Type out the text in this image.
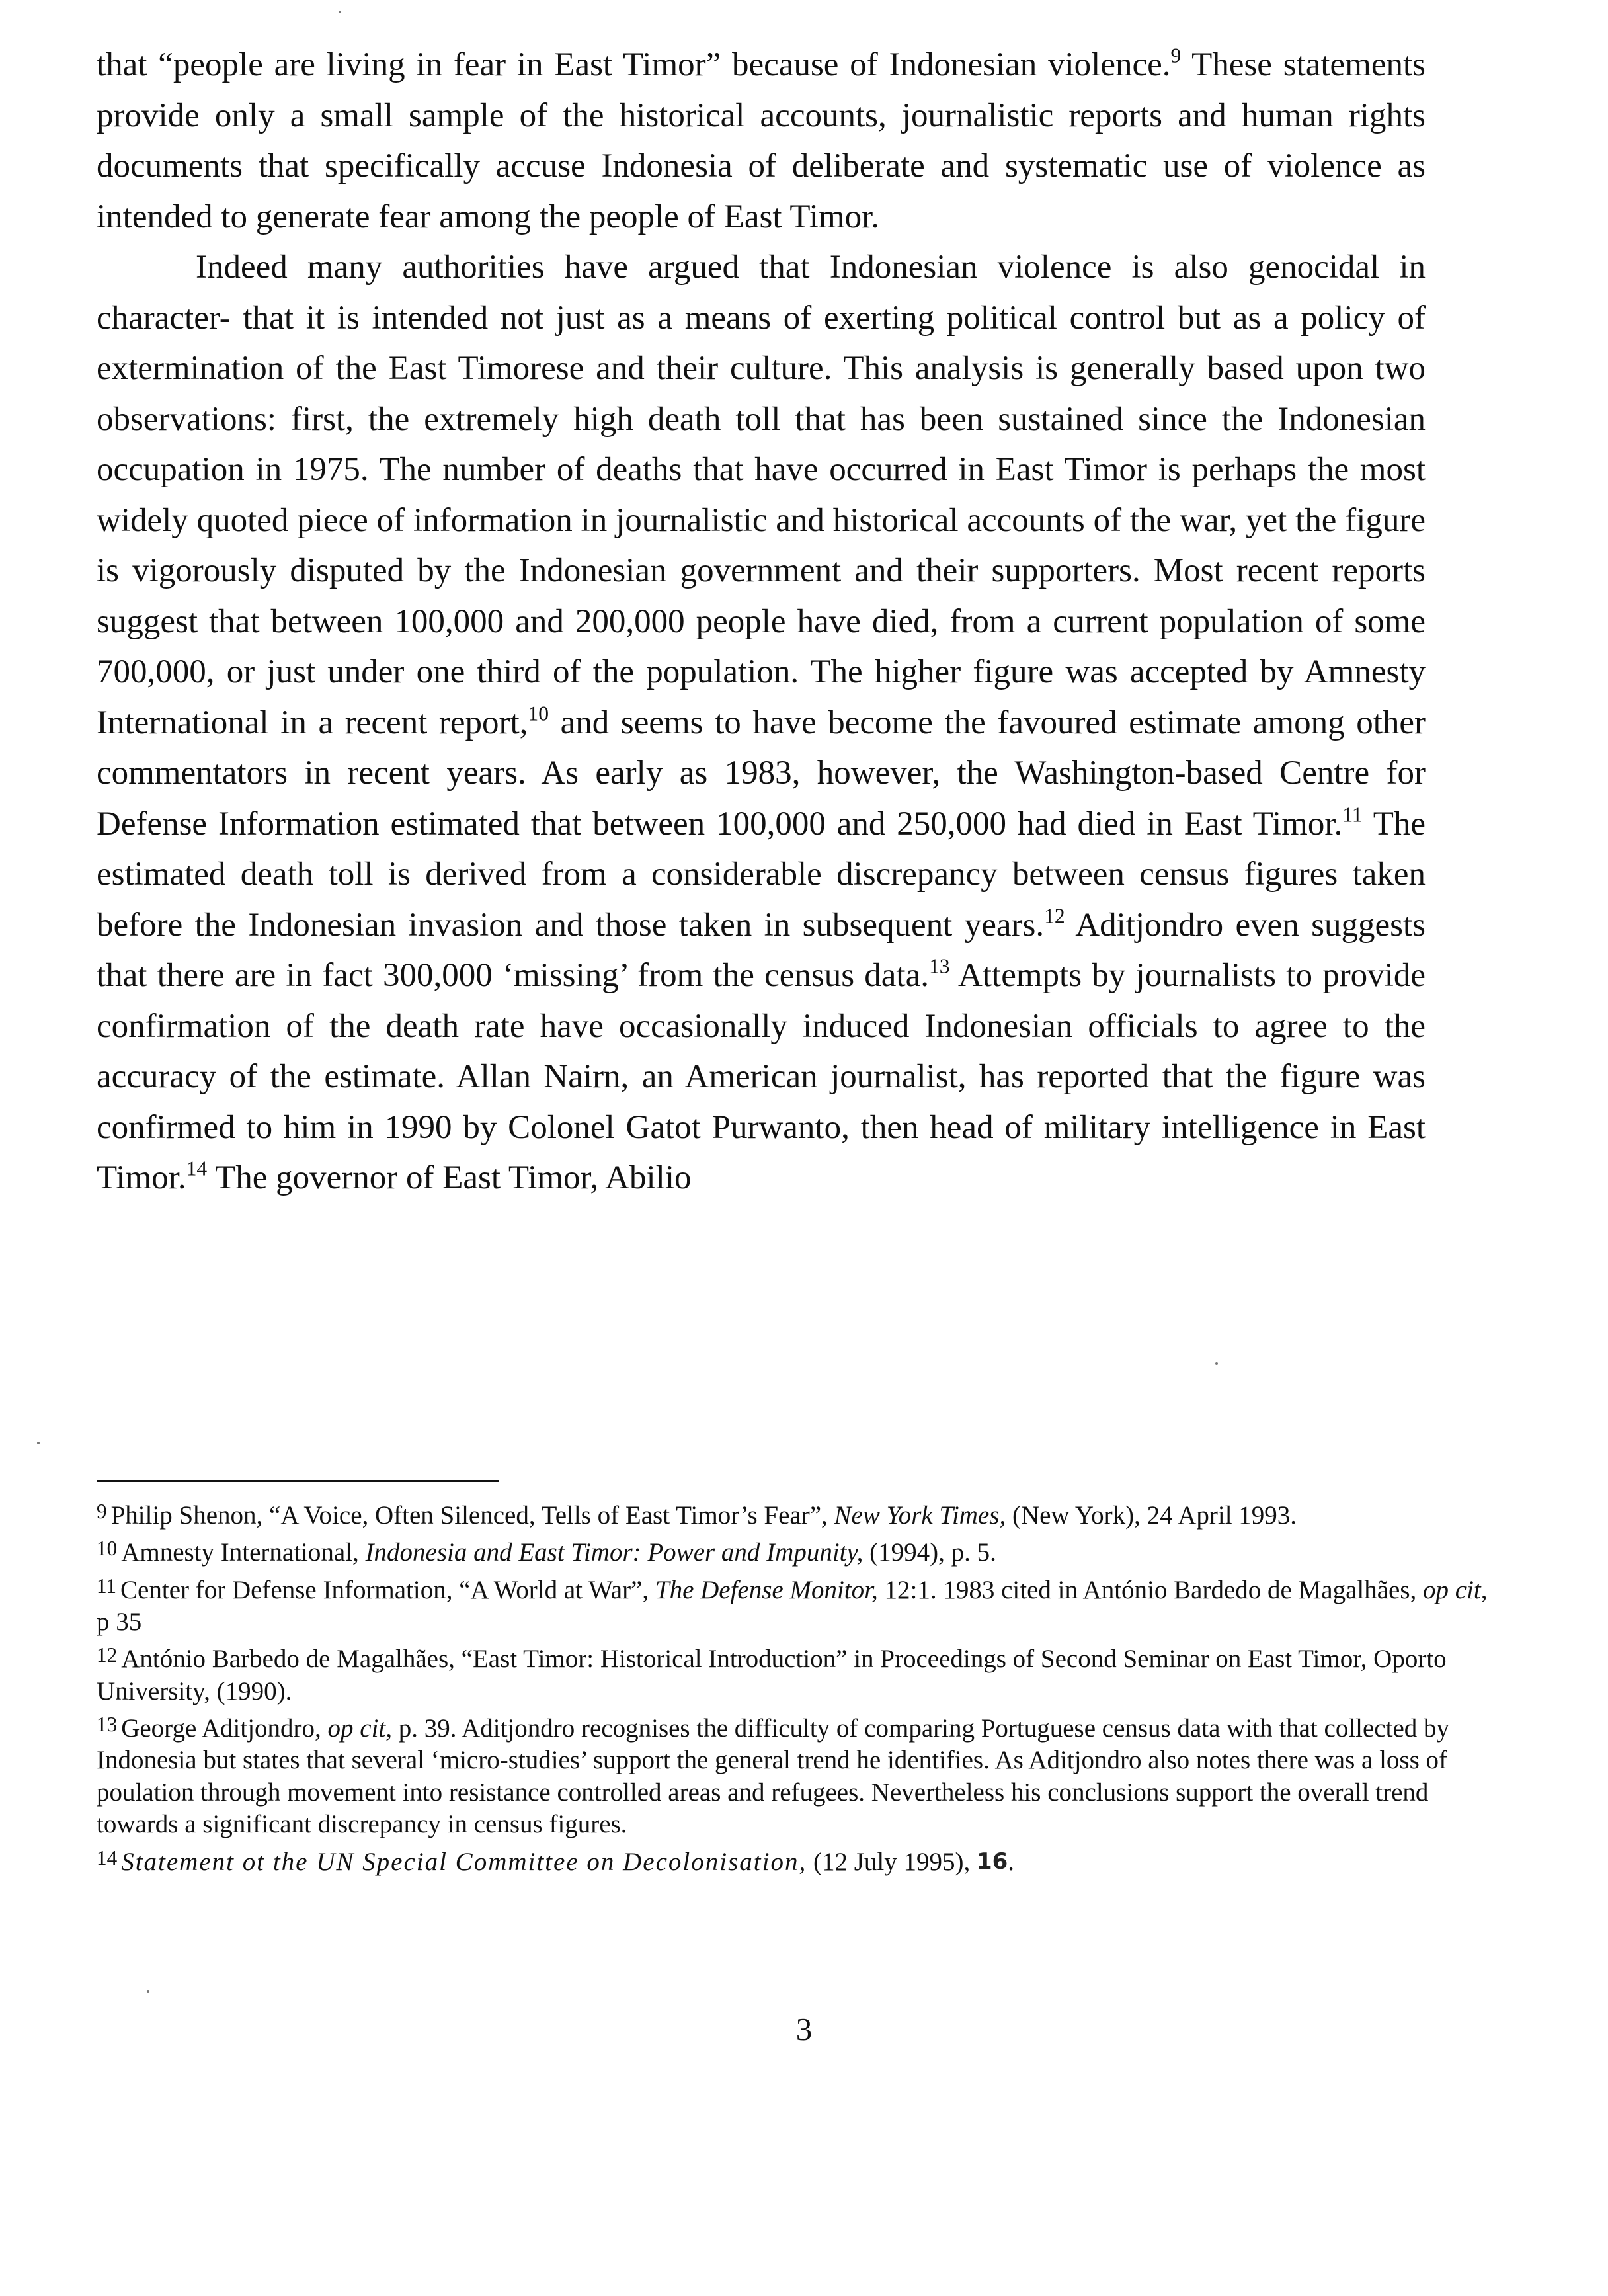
that “people are living in fear in East Timor” because of Indonesian violence.$^9$ These statements provide only a small sample of the historical accounts, journalistic reports and human rights documents that specifically accuse Indonesia of deliberate and systematic use of violence as intended to generate fear among the people of East Timor.

Indeed many authorities have argued that Indonesian violence is also genocidal in character- that it is intended not just as a means of exerting political control but as a policy of extermination of the East Timorese and their culture. This analysis is generally based upon two observations: first, the extremely high death toll that has been sustained since the Indonesian occupation in 1975. The number of deaths that have occurred in East Timor is perhaps the most widely quoted piece of information in journalistic and historical accounts of the war, yet the figure is vigorously disputed by the Indonesian government and their supporters. Most recent reports suggest that between 100,000 and 200,000 people have died, from a current population of some 700,000, or just under one third of the population. The higher figure was accepted by Amnesty International in a recent report,$^{10}$ and seems to have become the favoured estimate among other commentators in recent years. As early as 1983, however, the Washington-based Centre for Defense Information estimated that between 100,000 and 250,000 had died in East Timor.$^{11}$ The estimated death toll is derived from a considerable discrepancy between census figures taken before the Indonesian invasion and those taken in subsequent years.$^{12}$ Aditjondro even suggests that there are in fact 300,000 ‘missing’ from the census data.$^{13}$ Attempts by journalists to provide confirmation of the death rate have occasionally induced Indonesian officials to agree to the accuracy of the estimate. Allan Nairn, an American journalist, has reported that the figure was confirmed to him in 1990 by Colonel Gatot Purwanto, then head of military intelligence in East Timor.$^{14}$ The governor of East Timor, Abilio

9 Philip Shenon, “A Voice, Often Silenced, Tells of East Timor’s Fear”, New York Times, (New York), 24 April 1993.

10 Amnesty International, Indonesia and East Timor: Power and Impunity, (1994), p. 5.

11 Center for Defense Information, “A World at War”, The Defense Monitor, 12:1. 1983 cited in António Bardedo de Magalhães, op cit, p 35

12 António Barbedo de Magalhães, “East Timor: Historical Introduction” in Proceedings of Second Seminar on East Timor, Oporto University, (1990).

13 George Aditjondro, op cit, p. 39. Aditjondro recognises the difficulty of comparing Portuguese census data with that collected by Indonesia but states that several ‘micro-studies’ support the general trend he identifies. As Aditjondro also notes there was a loss of poulation through movement into resistance controlled areas and refugees. Nevertheless his conclusions support the overall trend towards a significant discrepancy in census figures.

14 Statement ot the UN Special Committee on Decolonisation, (12 July 1995), 16.

3
